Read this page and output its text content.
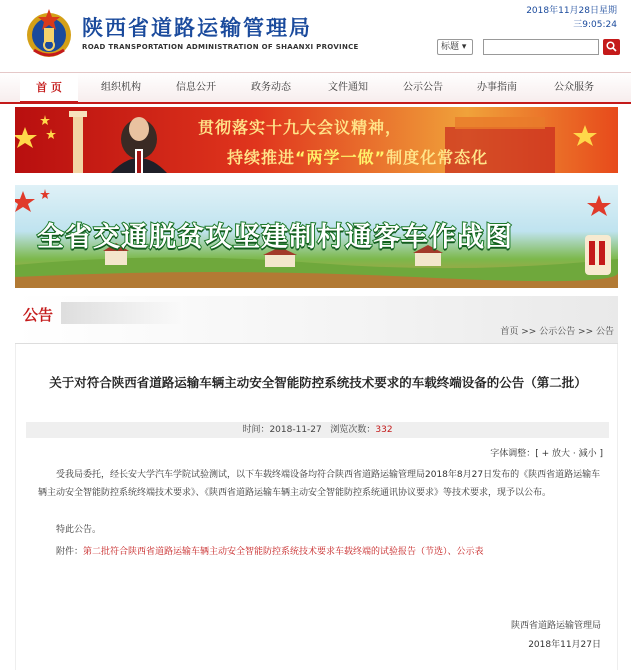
陕西省道路运输管理局
ROAD TRANSPORTATION ADMINISTRATION OF SHAANXI PROVINCE
2018年11月28日星期
三9:05:24
标题 ▾
首 页	组织机构	信息公开	政务动态	文件通知	公示公告	办事指南	公众服务
贯彻落实十九大会议精神，
持续推进“两学一做”制度化常态化
全省交通脱贫攻坚建制村通客车作战图
公告
首页 >> 公示公告 >> 公告
关于对符合陕西省道路运输车辆主动安全智能防控系统技术要求的车载终端设备的公告（第二批）
时间：2018-11-27 浏览次数：332
字体调整：[ + 放大 · 減小 ]
受我局委托，经长安大学汽车学院试验测试，以下车载终端设备均符合陕西省道路运输管理局2018年8月27日发布的《陕西省道路运输车辆主动安全智能防控系统终端技术要求》、《陕西省道路运输车辆主动安全智能防控系统通讯协议要求》等技术要求，现予以公布。
特此公告。
附件：第二批符合陕西省道路运输车辆主动安全智能防控系统技术要求车载终端的试验报告（节选）、公示表
陕西省道路运输管理局
2018年11月27日
